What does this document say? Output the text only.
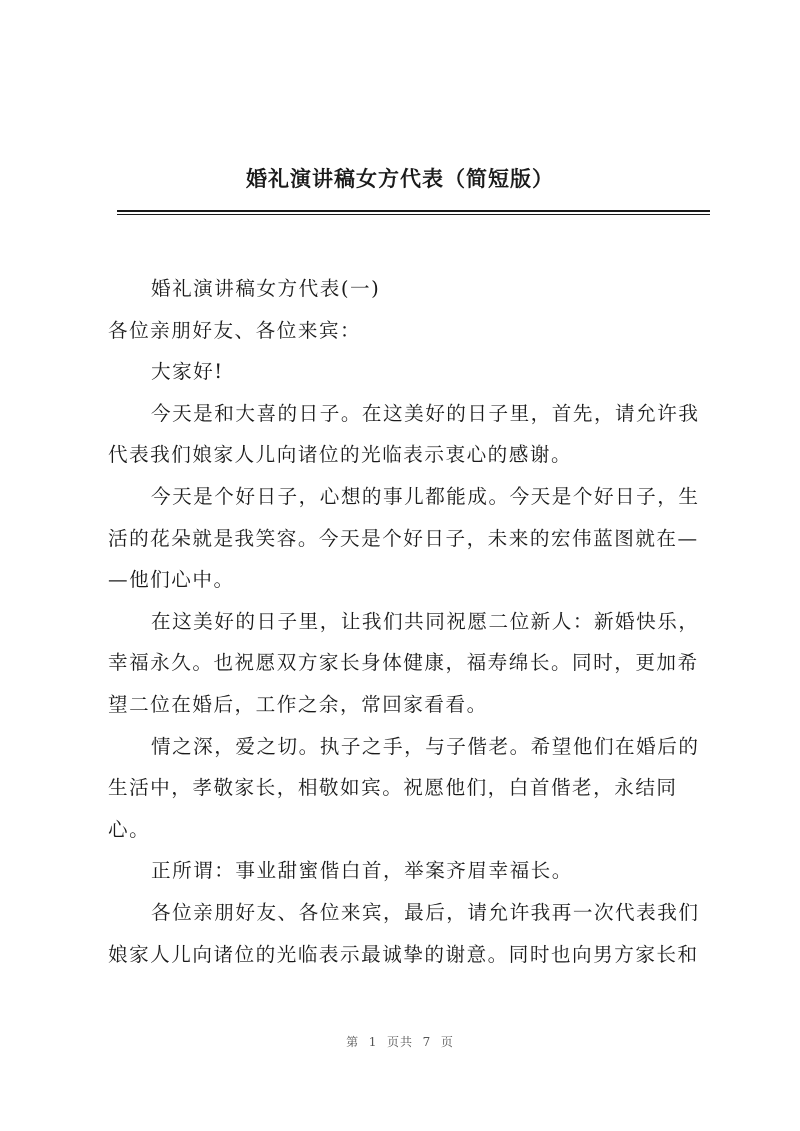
婚礼演讲稿女方代表（简短版）
婚礼演讲稿女方代表(一)
各位亲朋好友、各位来宾：
大家好!
今天是和大喜的日子。在这美好的日子里，首先，请允许我
代表我们娘家人儿向诸位的光临表示衷心的感谢。
今天是个好日子，心想的事儿都能成。今天是个好日子，生
活的花朵就是我笑容。今天是个好日子，未来的宏伟蓝图就在—
—他们心中。
在这美好的日子里，让我们共同祝愿二位新人：新婚快乐，
幸福永久。也祝愿双方家长身体健康，福寿绵长。同时，更加希
望二位在婚后，工作之余，常回家看看。
情之深，爱之切。执子之手，与子偕老。希望他们在婚后的
生活中，孝敬家长，相敬如宾。祝愿他们，白首偕老，永结同
心。
正所谓：事业甜蜜偕白首，举案齐眉幸福长。
各位亲朋好友、各位来宾，最后，请允许我再一次代表我们
娘家人儿向诸位的光临表示最诚挚的谢意。同时也向男方家长和
第  1  页共  7  页
